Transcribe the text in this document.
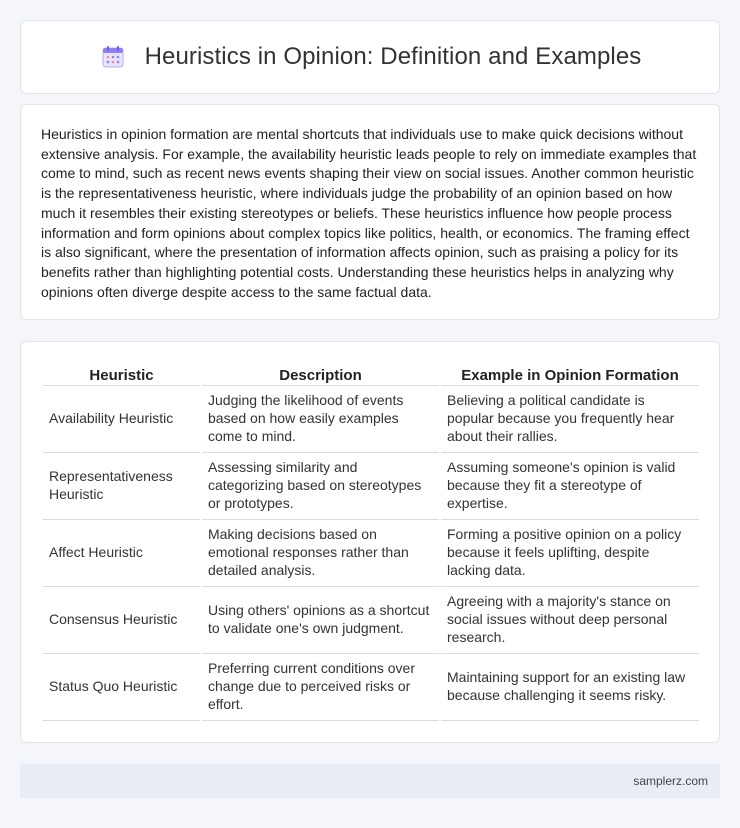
Heuristics in Opinion: Definition and Examples

Heuristics in opinion formation are mental shortcuts that individuals use to make quick decisions without extensive analysis. For example, the availability heuristic leads people to rely on immediate examples that come to mind, such as recent news events shaping their view on social issues. Another common heuristic is the representativeness heuristic, where individuals judge the probability of an opinion based on how much it resembles their existing stereotypes or beliefs. These heuristics influence how people process information and form opinions about complex topics like politics, health, or economics. The framing effect is also significant, where the presentation of information affects opinion, such as praising a policy for its benefits rather than highlighting potential costs. Understanding these heuristics helps in analyzing why opinions often diverge despite access to the same factual data.

Heuristic	Description	Example in Opinion Formation
Availability Heuristic	Judging the likelihood of events based on how easily examples come to mind.	Believing a political candidate is popular because you frequently hear about their rallies.
Representativeness Heuristic	Assessing similarity and categorizing based on stereotypes or prototypes.	Assuming someone's opinion is valid because they fit a stereotype of expertise.
Affect Heuristic	Making decisions based on emotional responses rather than detailed analysis.	Forming a positive opinion on a policy because it feels uplifting, despite lacking data.
Consensus Heuristic	Using others' opinions as a shortcut to validate one's own judgment.	Agreeing with a majority's stance on social issues without deep personal research.
Status Quo Heuristic	Preferring current conditions over change due to perceived risks or effort.	Maintaining support for an existing law because challenging it seems risky.
samplerz.com
